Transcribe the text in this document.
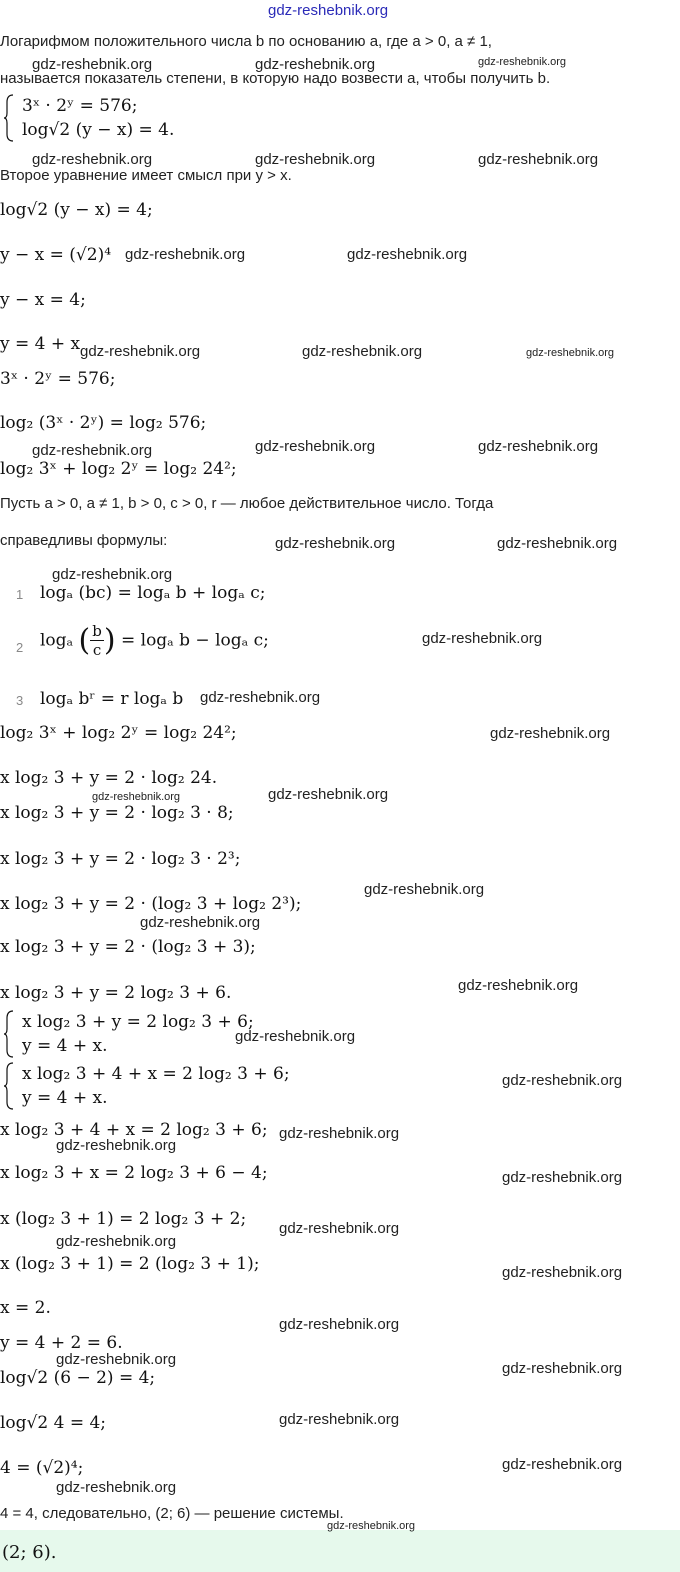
gdz-reshebnik.org
Логарифмом положительного числа b по основанию a, где a > 0, a ≠ 1,
называется показатель степени, в которую надо возвести a, чтобы получить b.
3ˣ · 2ʸ = 576;
log√2 (y − x) = 4.
Второе уравнение имеет смысл при y > x.
log√2 (y − x) = 4;
y − x = (√2)⁴
y − x = 4;
y = 4 + x
3ˣ · 2ʸ = 576;
log₂ (3ˣ · 2ʸ) = log₂ 576;
log₂ 3ˣ + log₂ 2ʸ = log₂ 24²;
Пусть a > 0, a ≠ 1, b > 0, c > 0, r — любое действительное число. Тогда
справедливы формулы:
1 logₐ (bc) = logₐ b + logₐ c;
2 logₐ ( $\frac{b}{c}$ ) = logₐ b − logₐ c;
3 logₐ bʳ = r logₐ b
log₂ 3ˣ + log₂ 2ʸ = log₂ 24²;
x log₂ 3 + y = 2 · log₂ 24.
x log₂ 3 + y = 2 · log₂ 3 · 8;
x log₂ 3 + y = 2 · log₂ 3 · 2³;
x log₂ 3 + y = 2 · (log₂ 3 + log₂ 2³);
x log₂ 3 + y = 2 · (log₂ 3 + 3);
x log₂ 3 + y = 2 log₂ 3 + 6.
x log₂ 3 + y = 2 log₂ 3 + 6;
y = 4 + x.
x log₂ 3 + 4 + x = 2 log₂ 3 + 6;
y = 4 + x.
x log₂ 3 + 4 + x = 2 log₂ 3 + 6;
x log₂ 3 + x = 2 log₂ 3 + 6 − 4;
x (log₂ 3 + 1) = 2 log₂ 3 + 2;
x (log₂ 3 + 1) = 2 (log₂ 3 + 1);
x = 2.
y = 4 + 2 = 6.
log√2 (6 − 2) = 4;
log√2 4 = 4;
4 = (√2)⁴;
4 = 4, следовательно, (2; 6) — решение системы.
(2; 6).
gdz-reshebnik.org	gdz-reshebnik.org	gdz-reshebnik.org
gdz-reshebnik.org	gdz-reshebnik.org	gdz-reshebnik.org
gdz-reshebnik.org	gdz-reshebnik.org
gdz-reshebnik.org	gdz-reshebnik.org	gdz-reshebnik.org
gdz-reshebnik.org	gdz-reshebnik.org	gdz-reshebnik.org
gdz-reshebnik.org	gdz-reshebnik.org
gdz-reshebnik.org
gdz-reshebnik.org
gdz-reshebnik.org
gdz-reshebnik.org
gdz-reshebnik.org
gdz-reshebnik.org
gdz-reshebnik.org
gdz-reshebnik.org
gdz-reshebnik.org
gdz-reshebnik.org
gdz-reshebnik.org
gdz-reshebnik.org
gdz-reshebnik.org
gdz-reshebnik.org
gdz-reshebnik.org
gdz-reshebnik.org
gdz-reshebnik.org
gdz-reshebnik.org
gdz-reshebnik.org
gdz-reshebnik.org
gdz-reshebnik.org
gdz-reshebnik.org
gdz-reshebnik.org
gdz-reshebnik.org
